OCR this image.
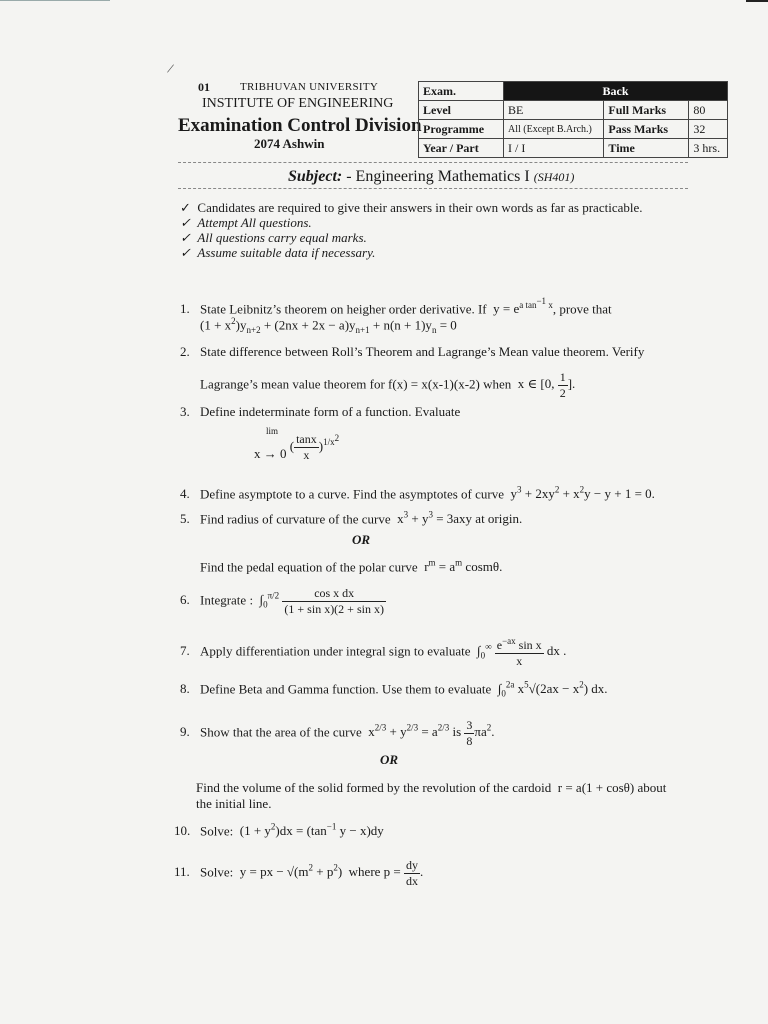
/
01	TRIBHUVAN UNIVERSITY
INSTITUTE OF ENGINEERING
Examination Control Division
2074 Ashwin
Exam.	Back		
Level	BE	Full Marks	80
Programme	All (Except B.Arch.)	Pass Marks	32
Year / Part	I / I	Time	3 hrs.
Subject: - Engineering Mathematics I (SH401)
✓  Candidates are required to give their answers in their own words as far as practicable.
✓  Attempt All questions.
✓  All questions carry equal marks.
✓  Assume suitable data if necessary.
1. State Leibnitz’s theorem on heigher order derivative. If  $y = e^{a tan^{-1} x}$, prove that
$(1 + x^2)y_{n+2} + (2nx + 2x - a)y_{n+1} + n(n + 1)y_n = 0$
2. State difference between Roll’s Theorem and Lagrange’s Mean value theorem. Verify
Lagrange’s mean value theorem for f(x) = x(x-1)(x-2) when  x ∈ [0, $\frac{1}{2}$ ].
3. Define indeterminate form of a function. Evaluate
lim
x → 0 ( $\frac{\tan x}{x} )^{1/x^2}$
4. Define asymptote to a curve. Find the asymptotes of curve  $y^3 + 2xy^2 + x^2y - y + 1 = 0$.
5. Find radius of curvature of the curve  $x^3 + y^3 = 3axy$ at origin.
OR
Find the pedal equation of the polar curve  $r^m = a^m$ cosmθ.
6. Integrate :  $\int_0^{\pi/2} \frac{\text{cos x dx}}{\text{(1 + sin x)(2 + sin x)}}$
7. Apply differentiation under integral sign to evaluate  $\int_0^\infty \frac{e^{-ax} \sin x}{x}$ dx .
8. Define Beta and Gamma function. Use them to evaluate  $\int_0^{2a}$ $x^5√(2ax - x^2)$ dx.
9. Show that the area of the curve  $x^{2/3} + y^{2/3} = a^{2/3}$ is $\frac{3}{8} \pi a^2$.
OR
Find the volume of the solid formed by the revolution of the cardoid  r = a(1 + cosθ) about
the initial line.
10. Solve:  $(1 + y^2)dx = (\tan^{-1}$ y − x)dy
11. Solve:  y = px − $√(m^2 + p^2)$  where $p = \frac{dy}{dx}$ .
